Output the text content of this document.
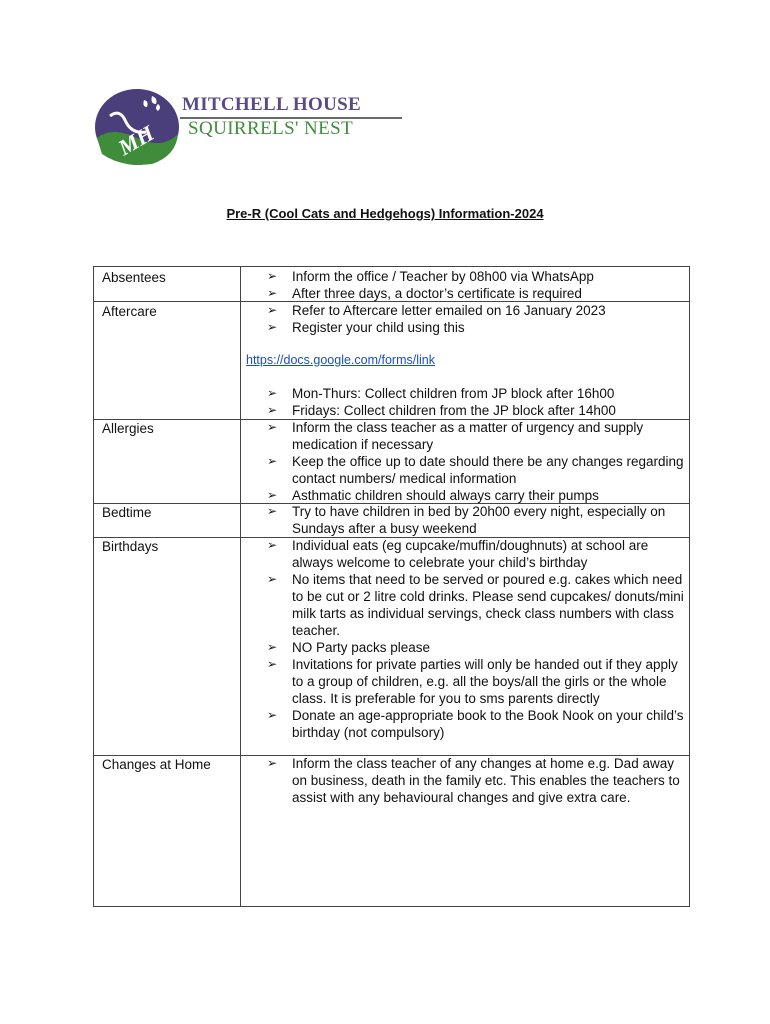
MH
MITCHELL HOUSE
SQUIRRELS' NEST
Pre-R (Cool Cats and Hedgehogs) Information-2024
Absentees	➢ Inform the office / Teacher by 08h00 via WhatsApp
➢ After three days, a doctor’s certificate is required
Aftercare	➢ Refer to Aftercare letter emailed on 16 January 2023
➢ Register your child using this
https://docs.google.com/forms/link
➢ Mon-Thurs: Collect children from JP block after 16h00
➢ Fridays: Collect children from the JP block after 14h00
Allergies	➢ Inform the class teacher as a matter of urgency and supply medication if necessary
➢ Keep the office up to date should there be any changes regarding contact numbers/ medical information
➢ Asthmatic children should always carry their pumps
Bedtime	➢ Try to have children in bed by 20h00 every night, especially on Sundays after a busy weekend
Birthdays	➢ Individual eats (eg cupcake/muffin/doughnuts) at school are always welcome to celebrate your child’s birthday
➢ No items that need to be served or poured e.g. cakes which need to be cut or 2 litre cold drinks. Please send cupcakes/ donuts/mini milk tarts as individual servings, check class numbers with class teacher.
➢ NO Party packs please
➢ Invitations for private parties will only be handed out if they apply to a group of children, e.g. all the boys/all the girls or the whole class. It is preferable for you to sms parents directly
➢ Donate an age-appropriate book to the Book Nook on your child’s birthday (not compulsory)
Changes at Home	➢ Inform the class teacher of any changes at home e.g. Dad away on business, death in the family etc. This enables the teachers to assist with any behavioural changes and give extra care.
